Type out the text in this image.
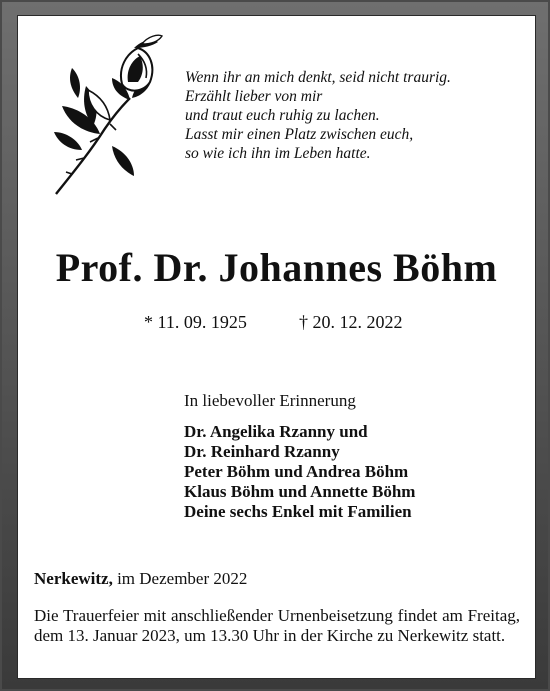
Wenn ihr an mich denkt, seid nicht traurig.
Erzählt lieber von mir
und traut euch ruhig zu lachen.
Lasst mir einen Platz zwischen euch,
so wie ich ihn im Leben hatte.
Prof. Dr. Johannes Böhm
* 11. 09. 1925	† 20. 12. 2022
In liebevoller Erinnerung
Dr. Angelika Rzanny und
Dr. Reinhard Rzanny
Peter Böhm und Andrea Böhm
Klaus Böhm und Annette Böhm
Deine sechs Enkel mit Familien
Nerkewitz, im Dezember 2022
Die Trauerfeier mit anschließender Urnenbeisetzung findet am Freitag, dem 13. Januar 2023, um 13.30 Uhr in der Kirche zu Nerkewitz statt.
